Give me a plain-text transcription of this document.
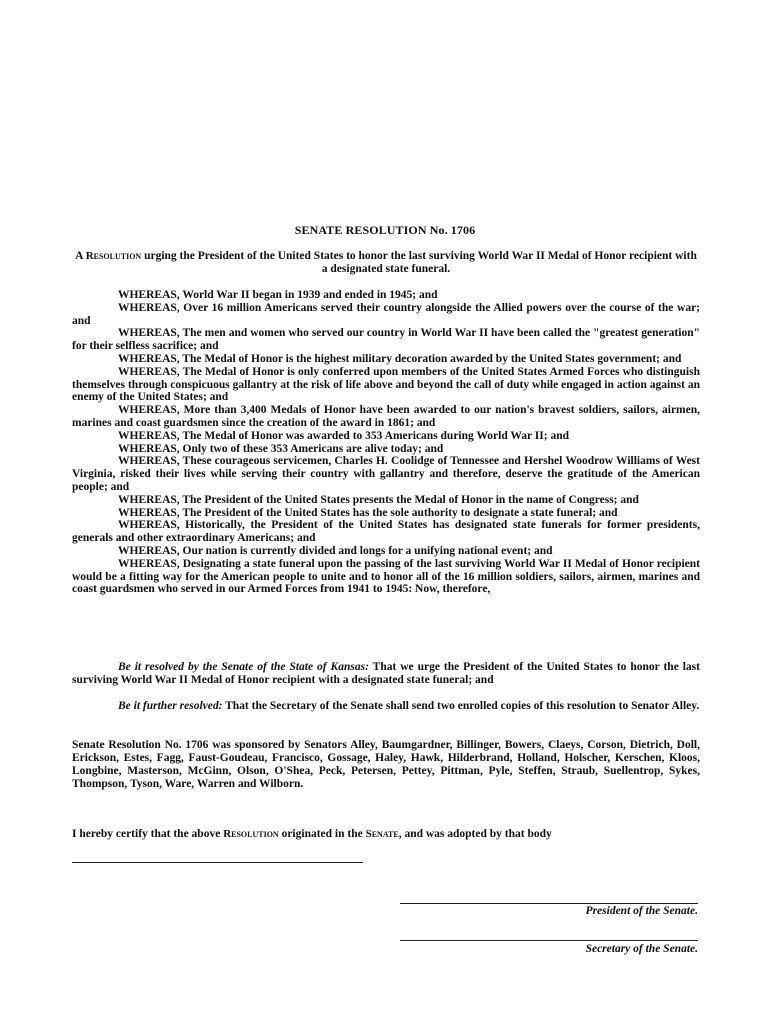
SENATE RESOLUTION No. 1706
A Resolution urging the President of the United States to honor the last surviving World War II Medal of Honor recipient with a designated state funeral.

WHEREAS, World War II began in 1939 and ended in 1945; and

WHEREAS, Over 16 million Americans served their country alongside the Allied powers over the course of the war; and

WHEREAS, The men and women who served our country in World War II have been called the "greatest generation" for their selfless sacrifice; and

WHEREAS, The Medal of Honor is the highest military decoration awarded by the United States government; and

WHEREAS, The Medal of Honor is only conferred upon members of the United States Armed Forces who distinguish themselves through conspicuous gallantry at the risk of life above and beyond the call of duty while engaged in action against an enemy of the United States; and

WHEREAS, More than 3,400 Medals of Honor have been awarded to our nation's bravest soldiers, sailors, airmen, marines and coast guardsmen since the creation of the award in 1861; and

WHEREAS, The Medal of Honor was awarded to 353 Americans during World War II; and

WHEREAS, Only two of these 353 Americans are alive today; and

WHEREAS, These courageous servicemen, Charles H. Coolidge of Tennessee and Hershel Woodrow Williams of West Virginia, risked their lives while serving their country with gallantry and therefore, deserve the gratitude of the American people; and

WHEREAS, The President of the United States presents the Medal of Honor in the name of Congress; and

WHEREAS, The President of the United States has the sole authority to designate a state funeral; and

WHEREAS, Historically, the President of the United States has designated state funerals for former presidents, generals and other extraordinary Americans; and

WHEREAS, Our nation is currently divided and longs for a unifying national event; and

WHEREAS, Designating a state funeral upon the passing of the last surviving World War II Medal of Honor recipient would be a fitting way for the American people to unite and to honor all of the 16 million soldiers, sailors, airmen, marines and coast guardsmen who served in our Armed Forces from 1941 to 1945: Now, therefore,

Be it resolved by the Senate of the State of Kansas: That we urge the President of the United States to honor the last surviving World War II Medal of Honor recipient with a designated state funeral; and

Be it further resolved: That the Secretary of the Senate shall send two enrolled copies of this resolution to Senator Alley.

Senate Resolution No. 1706 was sponsored by Senators Alley, Baumgardner, Billinger, Bowers, Claeys, Corson, Dietrich, Doll, Erickson, Estes, Fagg, Faust-Goudeau, Francisco, Gossage, Haley, Hawk, Hilderbrand, Holland, Holscher, Kerschen, Kloos, Longbine, Masterson, McGinn, Olson, O'Shea, Peck, Petersen, Pettey, Pittman, Pyle, Steffen, Straub, Suellentrop, Sykes, Thompson, Tyson, Ware, Warren and Wilborn.

I hereby certify that the above Resolution originated in the Senate, and was adopted by that body

President of the Senate.
Secretary of the Senate.
